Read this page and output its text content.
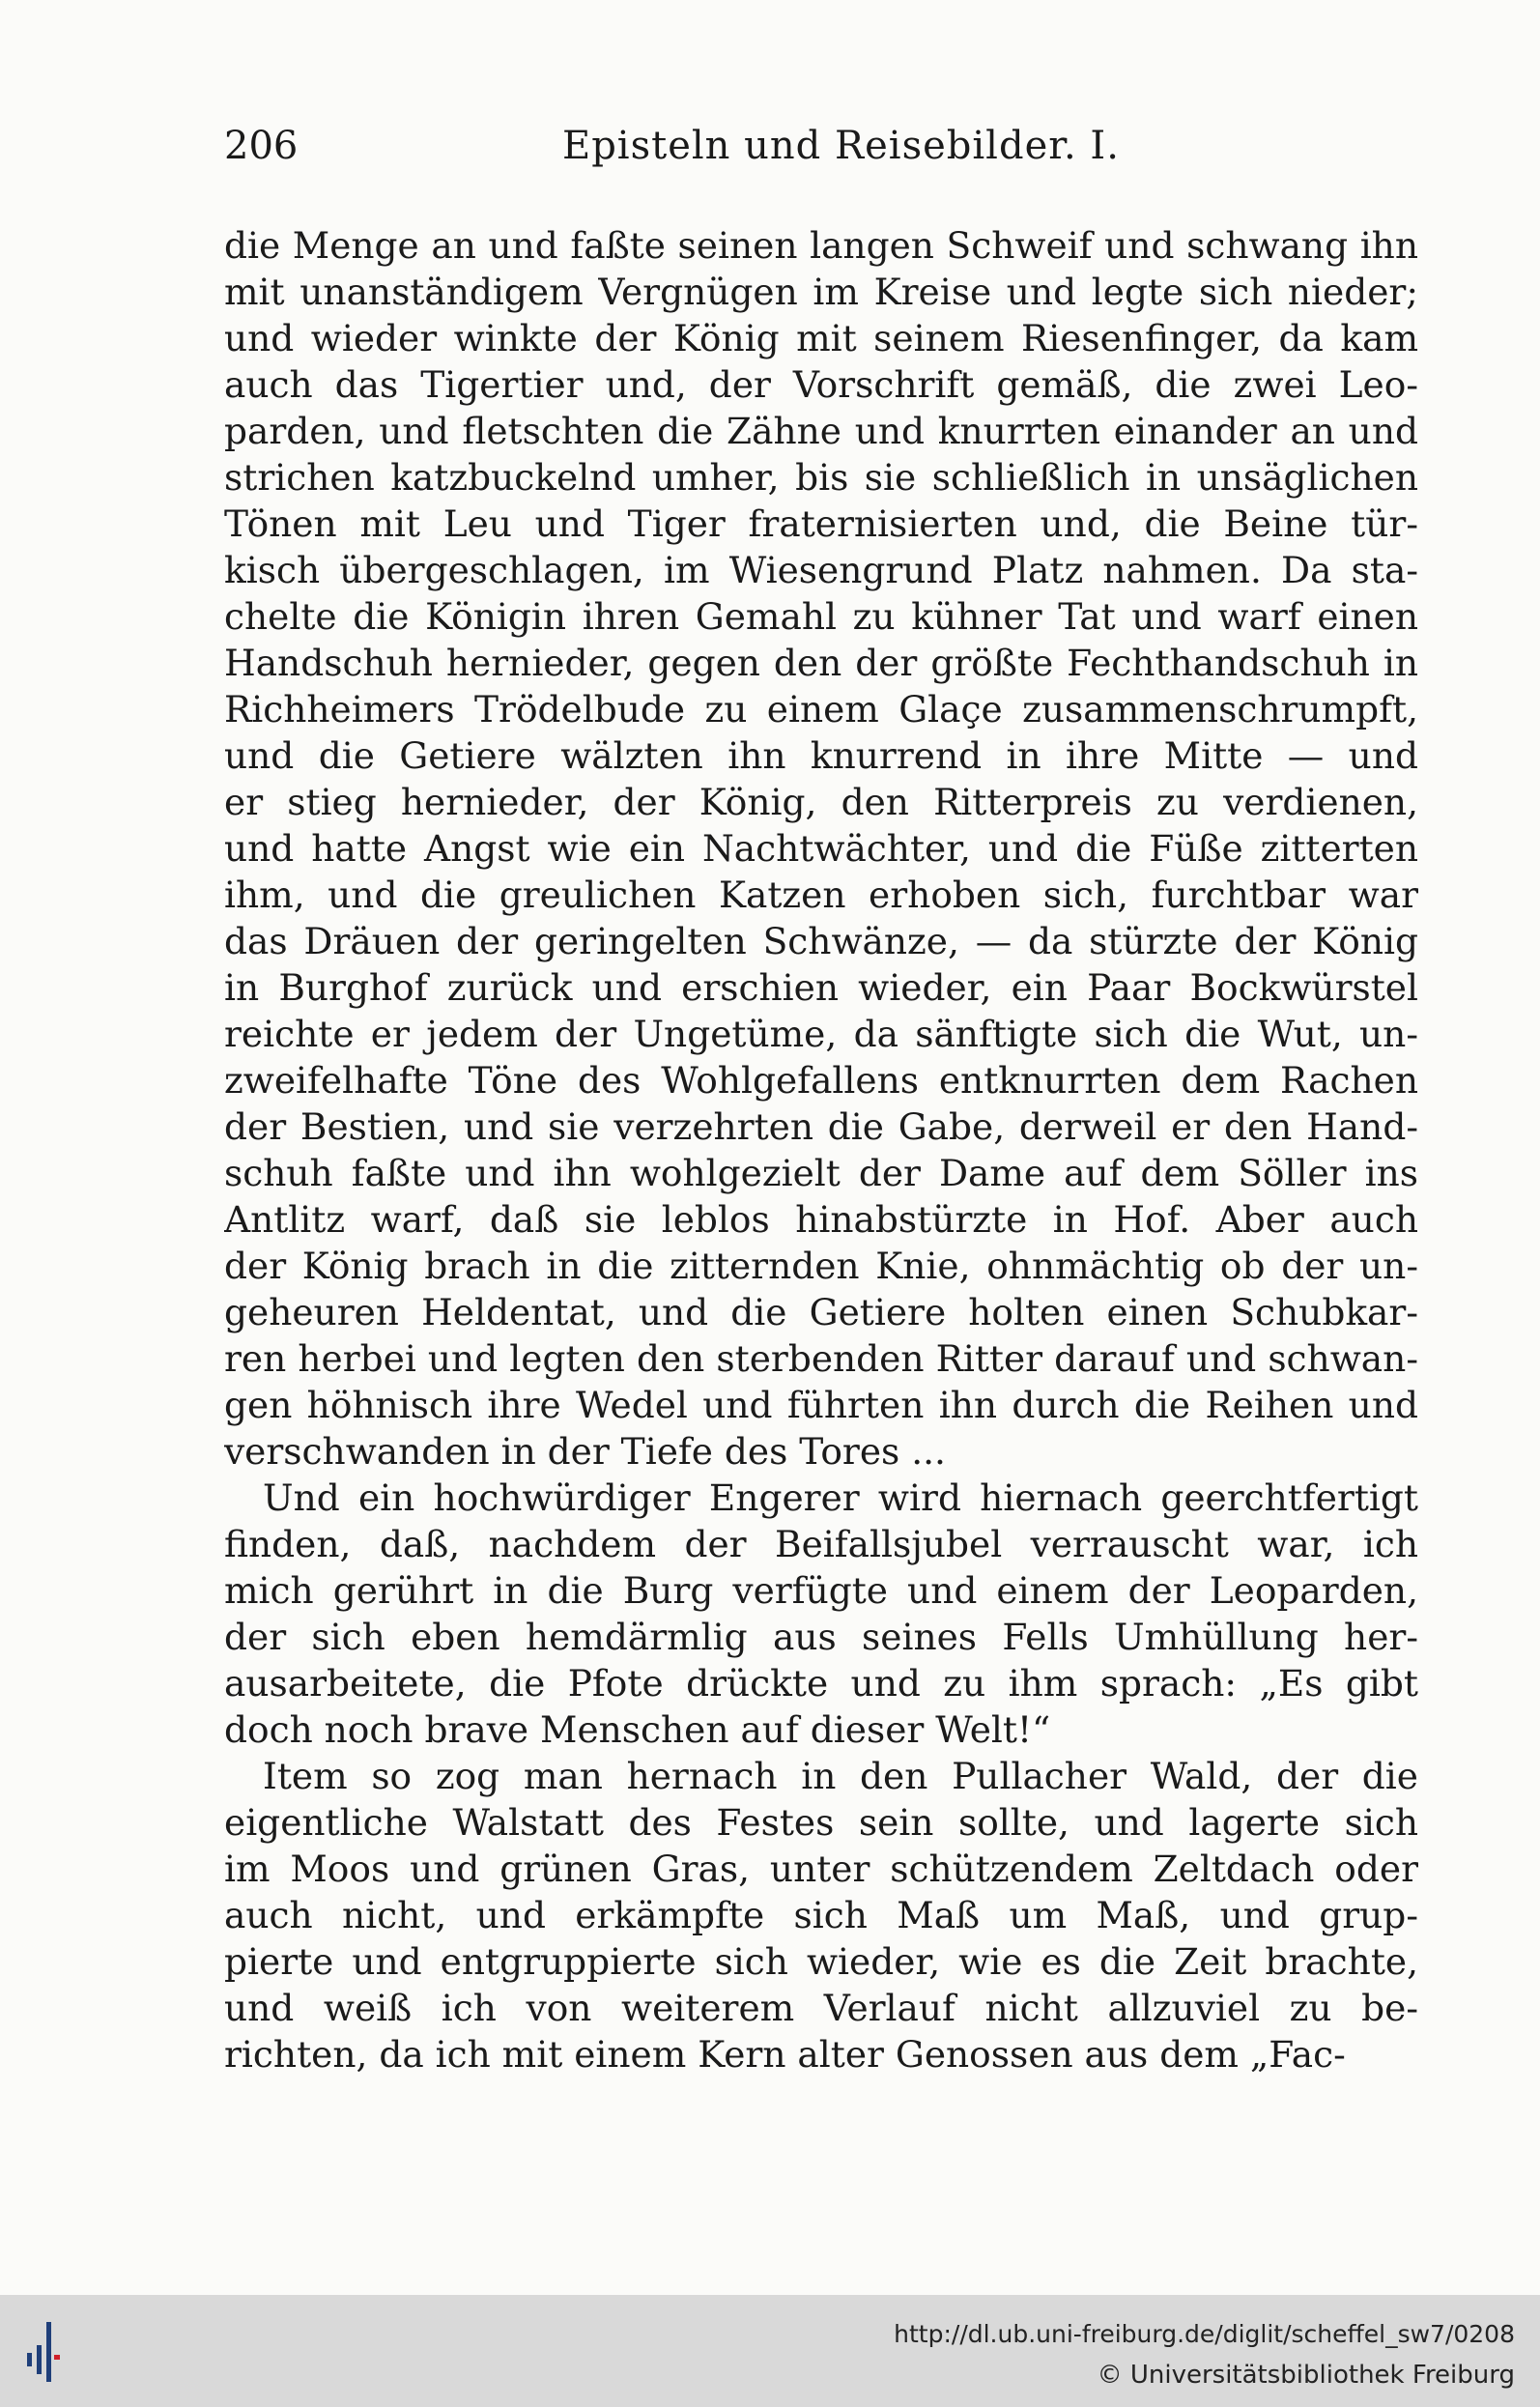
206	Episteln und Reisebilder. I.
die Menge an und faßte seinen langen Schweif und schwang ihn
mit unanständigem Vergnügen im Kreise und legte sich nieder;
und wieder winkte der König mit seinem Riesenfinger, da kam
auch das Tigertier und, der Vorschrift gemäß, die zwei Leo-
parden, und fletschten die Zähne und knurrten einander an und
strichen katzbuckelnd umher, bis sie schließlich in unsäglichen
Tönen mit Leu und Tiger fraternisierten und, die Beine tür-
kisch übergeschlagen, im Wiesengrund Platz nahmen. Da sta-
chelte die Königin ihren Gemahl zu kühner Tat und warf einen
Handschuh hernieder, gegen den der größte Fechthandschuh in
Richheimers Trödelbude zu einem Glaçe zusammenschrumpft,
und die Getiere wälzten ihn knurrend in ihre Mitte — und
er stieg hernieder, der König, den Ritterpreis zu verdienen,
und hatte Angst wie ein Nachtwächter, und die Füße zitterten
ihm, und die greulichen Katzen erhoben sich, furchtbar war
das Dräuen der geringelten Schwänze, — da stürzte der König
in Burghof zurück und erschien wieder, ein Paar Bockwürstel
reichte er jedem der Ungetüme, da sänftigte sich die Wut, un-
zweifelhafte Töne des Wohlgefallens entknurrten dem Rachen
der Bestien, und sie verzehrten die Gabe, derweil er den Hand-
schuh faßte und ihn wohlgezielt der Dame auf dem Söller ins
Antlitz warf, daß sie leblos hinabstürzte in Hof. Aber auch
der König brach in die zitternden Knie, ohnmächtig ob der un-
geheuren Heldentat, und die Getiere holten einen Schubkar-
ren herbei und legten den sterbenden Ritter darauf und schwan-
gen höhnisch ihre Wedel und führten ihn durch die Reihen und
verschwanden in der Tiefe des Tores ...
Und ein hochwürdiger Engerer wird hiernach geerchtfertigt
finden, daß, nachdem der Beifallsjubel verrauscht war, ich
mich gerührt in die Burg verfügte und einem der Leoparden,
der sich eben hemdärmlig aus seines Fells Umhüllung her-
ausarbeitete, die Pfote drückte und zu ihm sprach: „Es gibt
doch noch brave Menschen auf dieser Welt!“
Item so zog man hernach in den Pullacher Wald, der die
eigentliche Walstatt des Festes sein sollte, und lagerte sich
im Moos und grünen Gras, unter schützendem Zeltdach oder
auch nicht, und erkämpfte sich Maß um Maß, und grup-
pierte und entgruppierte sich wieder, wie es die Zeit brachte,
und weiß ich von weiterem Verlauf nicht allzuviel zu be-
richten, da ich mit einem Kern alter Genossen aus dem „Fac-
http://dl.ub.uni-freiburg.de/diglit/scheffel_sw7/0208
© Universitätsbibliothek Freiburg
